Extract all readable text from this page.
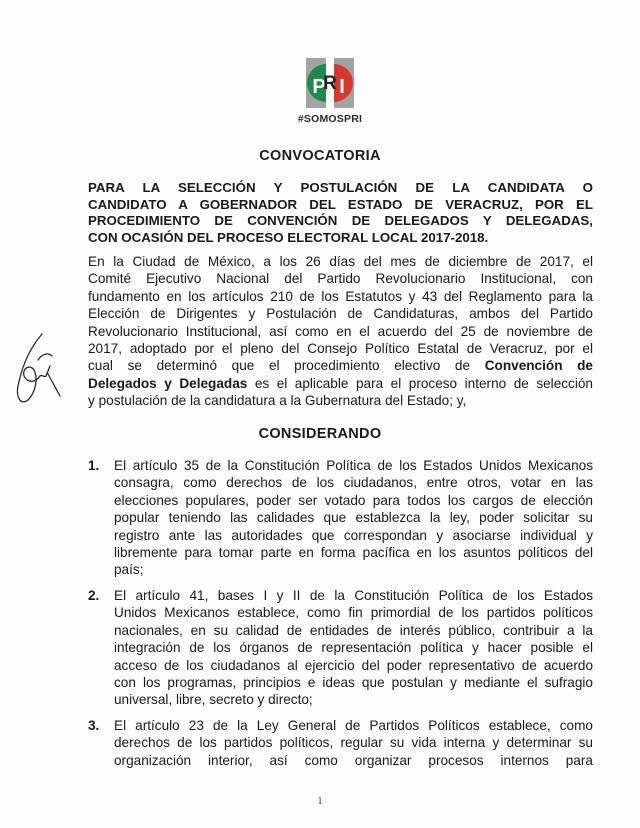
P
R I
#SOMOSPRI
CONVOCATORIA
PARA LA SELECCIÓN Y POSTULACIÓN DE LA CANDIDATA O
CANDIDATO A GOBERNADOR DEL ESTADO DE VERACRUZ, POR EL
PROCEDIMIENTO DE CONVENCIÓN DE DELEGADOS Y DELEGADAS,
CON OCASIÓN DEL PROCESO ELECTORAL LOCAL 2017-2018.
En la Ciudad de México, a los 26 días del mes de diciembre de 2017, el
Comité Ejecutivo Nacional del Partido Revolucionario Institucional, con
fundamento en los artículos 210 de los Estatutos y 43 del Reglamento para la
Elección de Dirigentes y Postulación de Candidaturas, ambos del Partido
Revolucionario Institucional, así como en el acuerdo del 25 de noviembre de
2017, adoptado por el pleno del Consejo Político Estatal de Veracruz, por el
cual se determinó que el procedimiento electivo de Convención de
Delegados y Delegadas es el aplicable para el proceso interno de selección
y postulación de la candidatura a la Gubernatura del Estado; y,
CONSIDERANDO
1. El artículo 35 de la Constitución Política de los Estados Unidos Mexicanos
consagra, como derechos de los ciudadanos, entre otros, votar en las
elecciones populares, poder ser votado para todos los cargos de elección
popular teniendo las calidades que establezca la ley, poder solicitar su
registro ante las autoridades que correspondan y asociarse individual y
libremente para tomar parte en forma pacífica en los asuntos políticos del
país;
2. El artículo 41, bases I y II de la Constitución Política de los Estados
Unidos Mexicanos establece, como fin primordial de los partidos políticos
nacionales, en su calidad de entidades de interés público, contribuir a la
integración de los órganos de representación política y hacer posible el
acceso de los ciudadanos al ejercicio del poder representativo de acuerdo
con los programas, principios e ideas que postulan y mediante el sufragio
universal, libre, secreto y directo;
3. El artículo 23 de la Ley General de Partidos Políticos establece, como
derechos de los partidos políticos, regular su vida interna y determinar su
organización interior, así como organizar procesos internos para
1
